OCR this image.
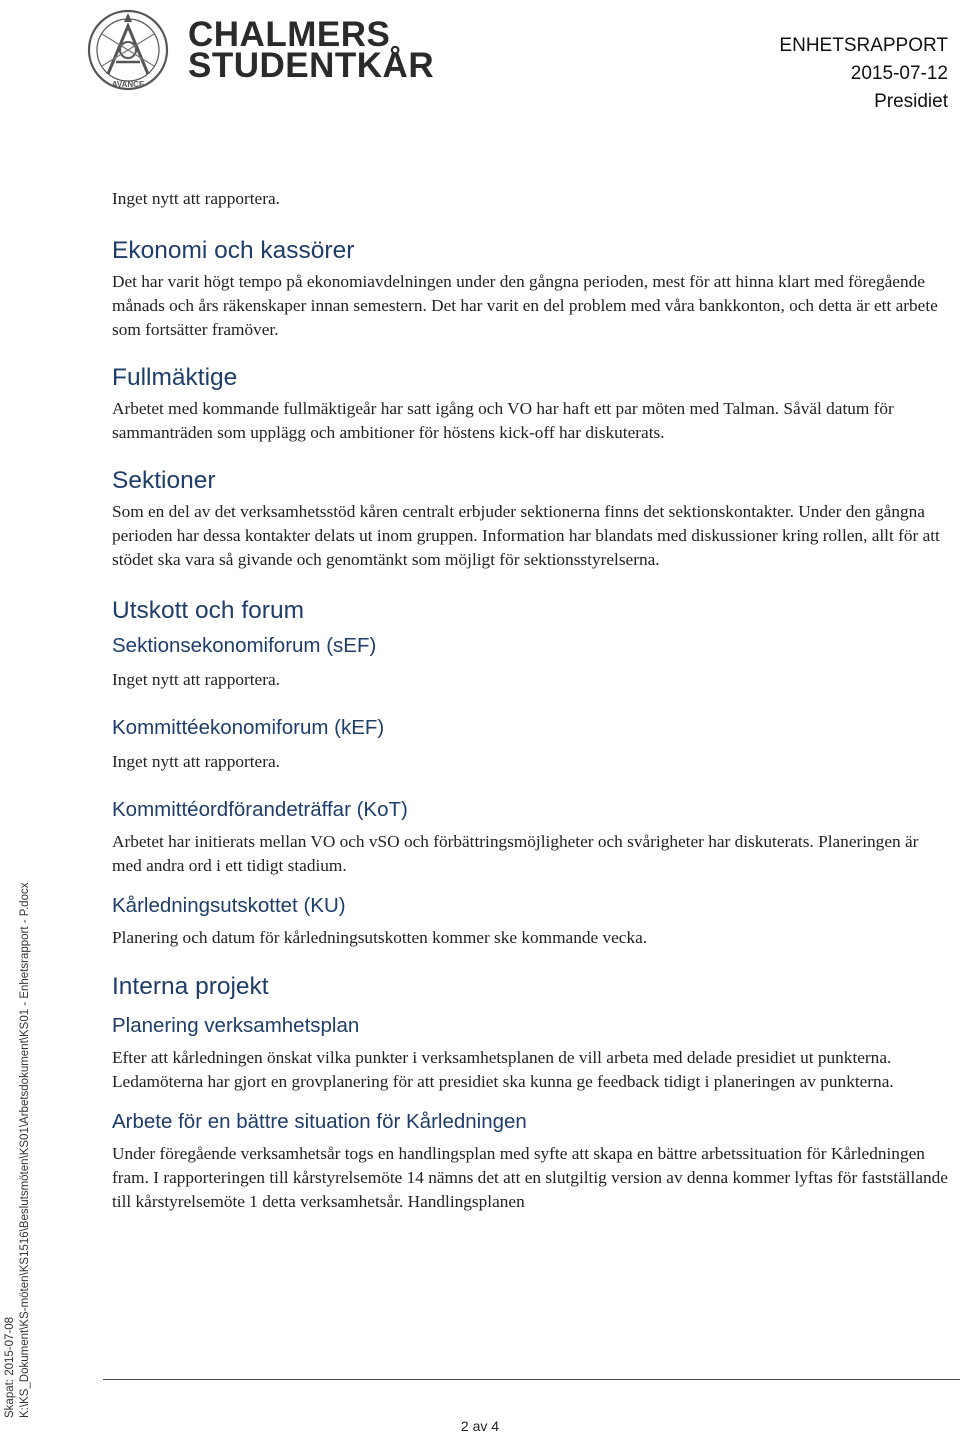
AVANCE
CHALMERS
STUDENTKÅR
ENHETSRAPPORT
2015-07-12
Presidiet

Inget nytt att rapportera.

Ekonomi och kassörer

Det har varit högt tempo på ekonomiavdelningen under den gångna perioden, mest för att hinna klart med föregående månads och års räkenskaper innan semestern. Det har varit en del problem med våra bankkonton, och detta är ett arbete som fortsätter framöver.

Fullmäktige

Arbetet med kommande fullmäktigeår har satt igång och VO har haft ett par möten med Talman. Såväl datum för sammanträden som upplägg och ambitioner för höstens kick-off har diskuterats.

Sektioner

Som en del av det verksamhetsstöd kåren centralt erbjuder sektionerna finns det sektionskontakter. Under den gångna perioden har dessa kontakter delats ut inom gruppen. Information har blandats med diskussioner kring rollen, allt för att stödet ska vara så givande och genomtänkt som möjligt för sektionsstyrelserna.

Utskott och forum
Sektionsekonomiforum (sEF)

Inget nytt att rapportera.

Kommittéekonomiforum (kEF)

Inget nytt att rapportera.

Kommittéordförandeträffar (KoT)

Arbetet har initierats mellan VO och vSO och förbättringsmöjligheter och svårigheter har diskuterats. Planeringen är med andra ord i ett tidigt stadium.

Kårledningsutskottet (KU)

Planering och datum för kårledningsutskotten kommer ske kommande vecka.

Interna projekt
Planering verksamhetsplan

Efter att kårledningen önskat vilka punkter i verksamhetsplanen de vill arbeta med delade presidiet ut punkterna. Ledamöterna har gjort en grovplanering för att presidiet ska kunna ge feedback tidigt i planeringen av punkterna.

Arbete för en bättre situation för Kårledningen

Under föregående verksamhetsår togs en handlingsplan med syfte att skapa en bättre arbetssituation för Kårledningen fram. I rapporteringen till kårstyrelsemöte 14 nämns det att en slutgiltig version av denna kommer lyftas för fastställande till kårstyrelsemöte 1 detta verksamhetsår. Handlingsplanen

2 av 4
Skapat: 2015-07-08 K:\KS_Dokument\KS-möten\KS1516\Beslutsmöten\KS01\Arbetsdokument\KS01 - Enhetsrapport - P.docx
